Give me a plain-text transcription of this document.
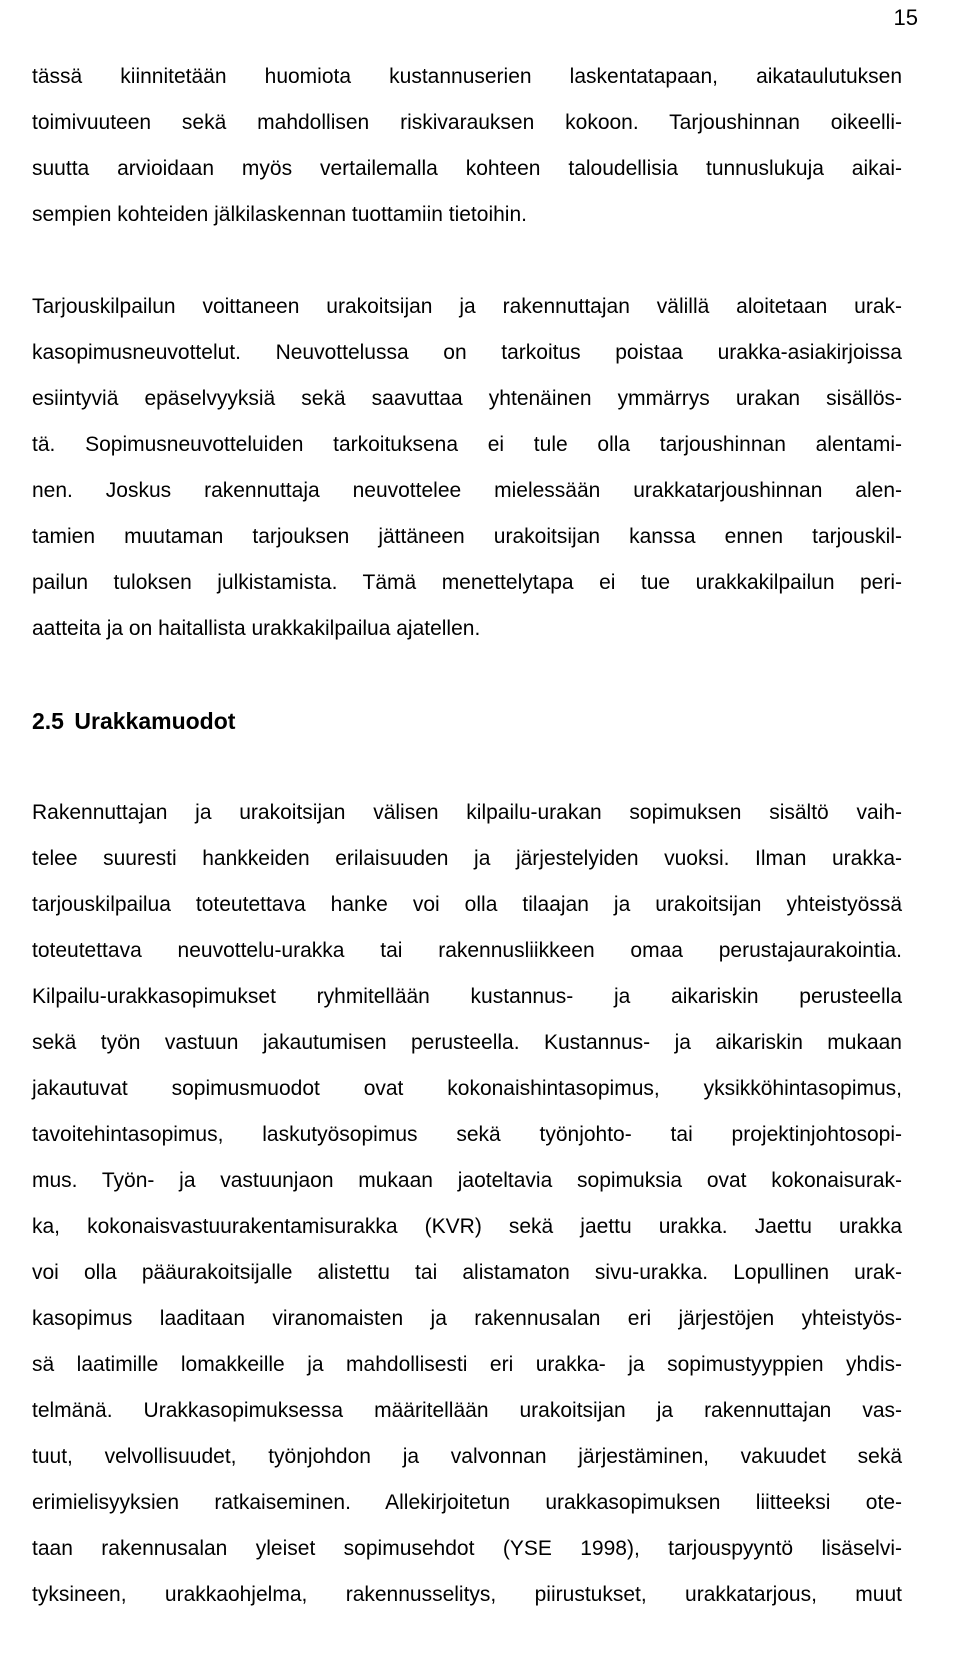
15
tässä kiinnitetään huomiota kustannuserien laskentatapaan, aikataulutuksen
toimivuuteen sekä mahdollisen riskivarauksen kokoon. Tarjoushinnan oikeelli-
suutta arvioidaan myös vertailemalla kohteen taloudellisia tunnuslukuja aikai-
sempien kohteiden jälkilaskennan tuottamiin tietoihin.
Tarjouskilpailun voittaneen urakoitsijan ja rakennuttajan välillä aloitetaan urak-
kasopimusneuvottelut. Neuvottelussa on tarkoitus poistaa urakka-asiakirjoissa
esiintyviä epäselvyyksiä sekä saavuttaa yhtenäinen ymmärrys urakan sisällös-
tä. Sopimusneuvotteluiden tarkoituksena ei tule olla tarjoushinnan alentami-
nen. Joskus rakennuttaja neuvottelee mielessään urakkatarjoushinnan alen-
tamien muutaman tarjouksen jättäneen urakoitsijan kanssa ennen tarjouskil-
pailun tuloksen julkistamista. Tämä menettelytapa ei tue urakkakilpailun peri-
aatteita ja on haitallista urakkakilpailua ajatellen.
2.5 Urakkamuodot
Rakennuttajan ja urakoitsijan välisen kilpailu-urakan sopimuksen sisältö vaih-
telee suuresti hankkeiden erilaisuuden ja järjestelyiden vuoksi. Ilman urakka-
tarjouskilpailua toteutettava hanke voi olla tilaajan ja urakoitsijan yhteistyössä
toteutettava neuvottelu-urakka tai rakennusliikkeen omaa perustajaurakointia.
Kilpailu-urakkasopimukset ryhmitellään kustannus- ja aikariskin perusteella
sekä työn vastuun jakautumisen perusteella. Kustannus- ja aikariskin mukaan
jakautuvat sopimusmuodot ovat kokonaishintasopimus, yksikköhintasopimus,
tavoitehintasopimus, laskutyösopimus sekä työnjohto- tai projektinjohtosopi-
mus. Työn- ja vastuunjaon mukaan jaoteltavia sopimuksia ovat kokonaisurak-
ka, kokonaisvastuurakentamisurakka (KVR) sekä jaettu urakka. Jaettu urakka
voi olla pääurakoitsijalle alistettu tai alistamaton sivu-urakka. Lopullinen urak-
kasopimus laaditaan viranomaisten ja rakennusalan eri järjestöjen yhteistyös-
sä laatimille lomakkeille ja mahdollisesti eri urakka- ja sopimustyyppien yhdis-
telmänä. Urakkasopimuksessa määritellään urakoitsijan ja rakennuttajan vas-
tuut, velvollisuudet, työnjohdon ja valvonnan järjestäminen, vakuudet sekä
erimielisyyksien ratkaiseminen. Allekirjoitetun urakkasopimuksen liitteeksi ote-
taan rakennusalan yleiset sopimusehdot (YSE 1998), tarjouspyyntö lisäselvi-
tyksineen, urakkaohjelma, rakennusselitys, piirustukset, urakkatarjous, muut
